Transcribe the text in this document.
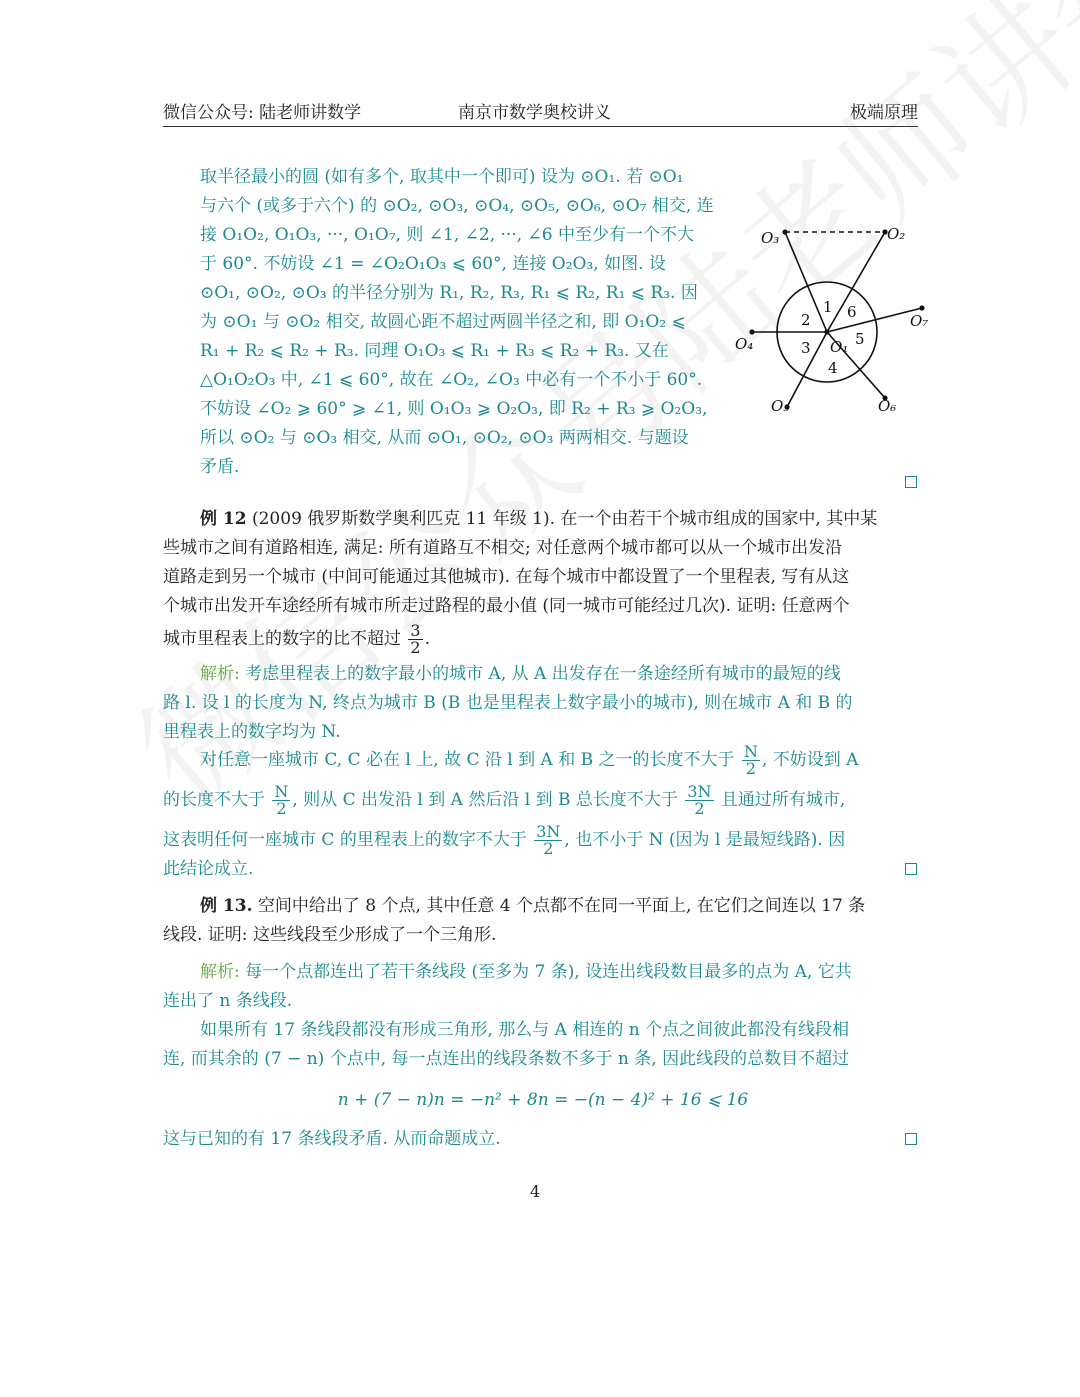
微信公众号: 陆老师讲数学	南京市数学奥校讲义	极端原理
取半径最小的圆 (如有多个, 取其中一个即可) 设为 ⊙O₁. 若 ⊙O₁
与六个 (或多于六个) 的 ⊙O₂, ⊙O₃, ⊙O₄, ⊙O₅, ⊙O₆, ⊙O₇ 相交, 连
接 O₁O₂, O₁O₃, ···, O₁O₇, 则 ∠1, ∠2, ···, ∠6 中至少有一个不大
于 60°. 不妨设 ∠1 = ∠O₂O₁O₃ ⩽ 60°, 连接 O₂O₃, 如图. 设
⊙O₁, ⊙O₂, ⊙O₃ 的半径分别为 R₁, R₂, R₃, R₁ ⩽ R₂, R₁ ⩽ R₃. 因
为 ⊙O₁ 与 ⊙O₂ 相交, 故圆心距不超过两圆半径之和, 即 O₁O₂ ⩽
R₁ + R₂ ⩽ R₂ + R₃. 同理 O₁O₃ ⩽ R₁ + R₃ ⩽ R₂ + R₃. 又在
△O₁O₂O₃ 中, ∠1 ⩽ 60°, 故在 ∠O₂, ∠O₃ 中必有一个不小于 60°.
不妨设 ∠O₂ ⩾ 60° ⩾ ∠1, 则 O₁O₃ ⩾ O₂O₃, 即 R₂ + R₃ ⩾ O₂O₃,
所以 ⊙O₂ 与 ⊙O₃ 相交, 从而 ⊙O₁, ⊙O₂, ⊙O₃ 两两相交. 与题设
矛盾.
O₁
O₂
O₃
O₄
O₅	O₆
O₇
1
2
3
4
5
6
例 12 (2009 俄罗斯数学奥利匹克 11 年级 1). 在一个由若干个城市组成的国家中, 其中某
些城市之间有道路相连, 满足: 所有道路互不相交; 对任意两个城市都可以从一个城市出发沿
道路走到另一个城市 (中间可能通过其他城市). 在每个城市中都设置了一个里程表, 写有从这
个城市出发开车途经所有城市所走过路程的最小值 (同一城市可能经过几次). 证明: 任意两个
城市里程表上的数字的比不超过 $\frac{3}{2}$ .
解析: 考虑里程表上的数字最小的城市 A, 从 A 出发存在一条途经所有城市的最短的线
路 l. 设 l 的长度为 N, 终点为城市 B (B 也是里程表上数字最小的城市), 则在城市 A 和 B 的
里程表上的数字均为 N.
对任意一座城市 C, C 必在 l 上, 故 C 沿 l 到 A 和 B 之一的长度不大于 $\frac{N}{2}$ , 不妨设到 A
的长度不大于 $\frac{N}{2}$ , 则从 C 出发沿 l 到 A 然后沿 l 到 B 总长度不大于 $\frac{3N}{2}$ 且通过所有城市,
这表明任何一座城市 C 的里程表上的数字不大于 $\frac{3N}{2}$ , 也不小于 N (因为 l 是最短线路). 因
此结论成立.
例 13. 空间中给出了 8 个点, 其中任意 4 个点都不在同一平面上, 在它们之间连以 17 条
线段. 证明: 这些线段至少形成了一个三角形.
解析: 每一个点都连出了若干条线段 (至多为 7 条), 设连出线段数目最多的点为 A, 它共
连出了 n 条线段.
如果所有 17 条线段都没有形成三角形, 那么与 A 相连的 n 个点之间彼此都没有线段相
连, 而其余的 (7 − n) 个点中, 每一点连出的线段条数不多于 n 条, 因此线段的总数目不超过
n + (7 − n)n = −n² + 8n = −(n − 4)² + 16 ⩽ 16
这与已知的有 17 条线段矛盾. 从而命题成立.
4
